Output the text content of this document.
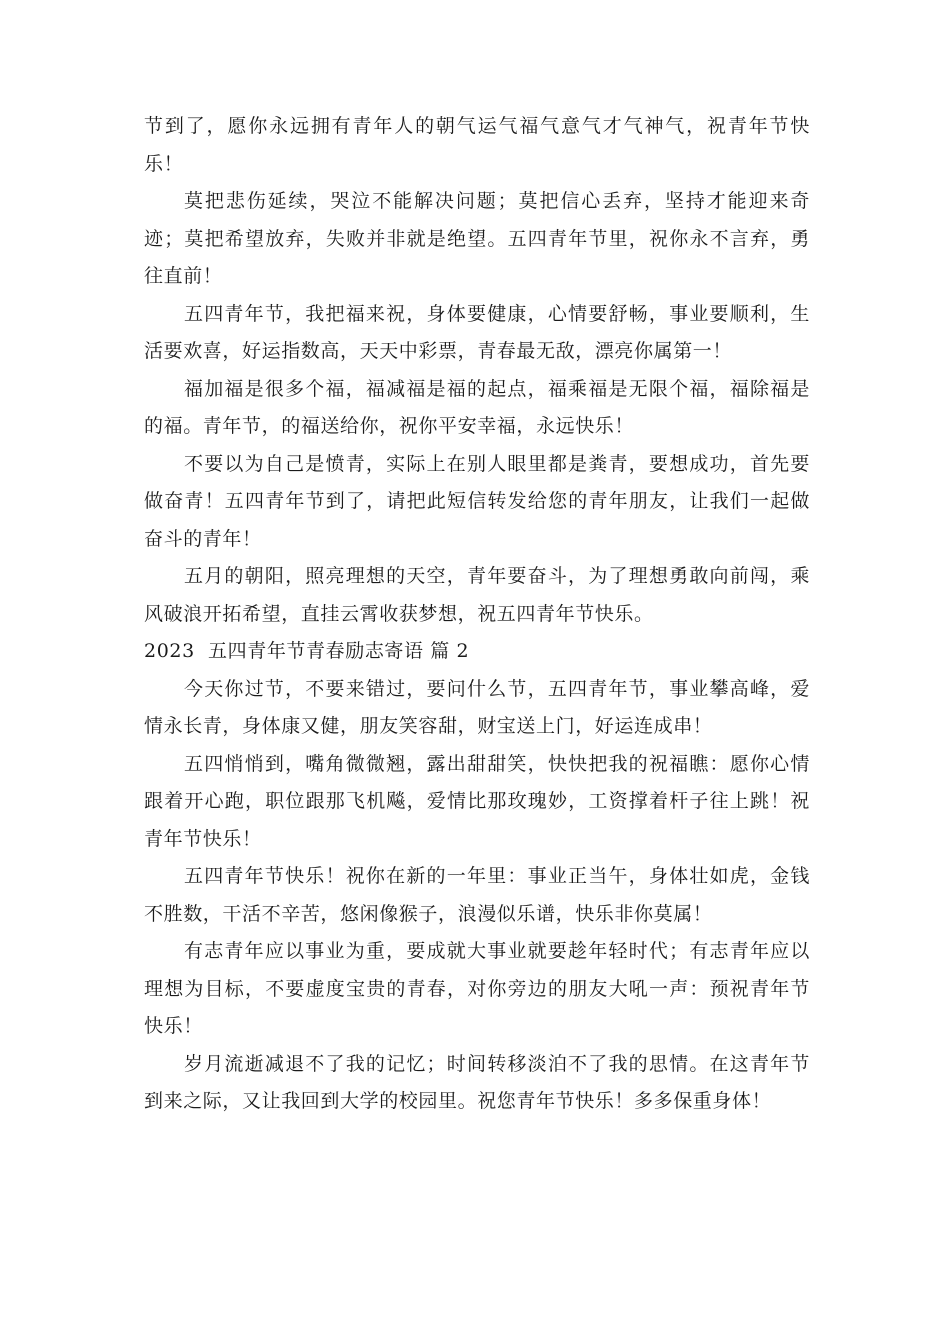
节到了，愿你永远拥有青年人的朝气运气福气意气才气神气，祝青年节快乐！

莫把悲伤延续，哭泣不能解决问题；莫把信心丢弃，坚持才能迎来奇迹；莫把希望放弃，失败并非就是绝望。五四青年节里，祝你永不言弃，勇往直前！

五四青年节，我把福来祝，身体要健康，心情要舒畅，事业要顺利，生活要欢喜，好运指数高，天天中彩票，青春最无敌，漂亮你属第一！

福加福是很多个福，福减福是福的起点，福乘福是无限个福，福除福是的福。青年节，的福送给你，祝你平安幸福，永远快乐！

不要以为自己是愤青，实际上在别人眼里都是粪青，要想成功，首先要做奋青！五四青年节到了，请把此短信转发给您的青年朋友，让我们一起做奋斗的青年！

五月的朝阳，照亮理想的天空，青年要奋斗，为了理想勇敢向前闯，乘风破浪开拓希望，直挂云霄收获梦想，祝五四青年节快乐。

2023  五四青年节青春励志寄语 篇 2

今天你过节，不要来错过，要问什么节，五四青年节，事业攀高峰，爱情永长青，身体康又健，朋友笑容甜，财宝送上门，好运连成串！

五四悄悄到，嘴角微微翘，露出甜甜笑，快快把我的祝福瞧：愿你心情跟着开心跑，职位跟那飞机飚，爱情比那玫瑰妙，工资撑着杆子往上跳！祝青年节快乐！

五四青年节快乐！祝你在新的一年里：事业正当午，身体壮如虎，金钱不胜数，干活不辛苦，悠闲像猴子，浪漫似乐谱，快乐非你莫属！

有志青年应以事业为重，要成就大事业就要趁年轻时代；有志青年应以理想为目标，不要虚度宝贵的青春，对你旁边的朋友大吼一声：预祝青年节快乐！

岁月流逝减退不了我的记忆；时间转移淡泊不了我的思情。在这青年节到来之际，又让我回到大学的校园里。祝您青年节快乐！多多保重身体！
